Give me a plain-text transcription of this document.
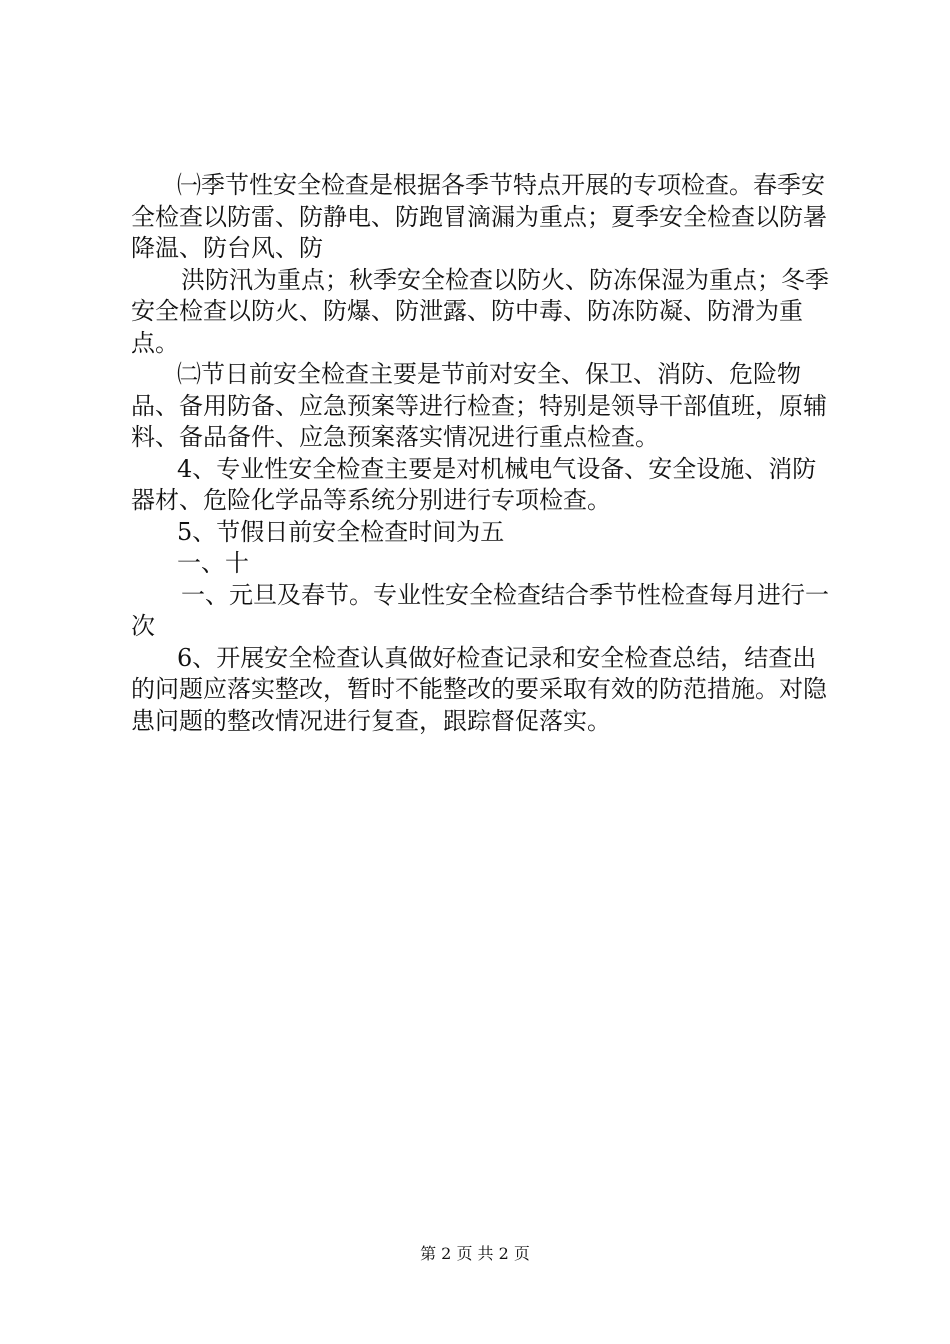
㈠季节性安全检查是根据各季节特点开展的专项检查。春季安全检查以防雷、防静电、防跑冒滴漏为重点；夏季安全检查以防暑降温、防台风、防

洪防汛为重点；秋季安全检查以防火、防冻保湿为重点；冬季安全检查以防火、防爆、防泄露、防中毒、防冻防凝、防滑为重点。

㈡节日前安全检查主要是节前对安全、保卫、消防、危险物品、备用防备、应急预案等进行检查；特别是领导干部值班，原辅料、备品备件、应急预案落实情况进行重点检查。

4、专业性安全检查主要是对机械电气设备、安全设施、消防器材、危险化学品等系统分别进行专项检查。

5、节假日前安全检查时间为五

一、十

一、元旦及春节。专业性安全检查结合季节性检查每月进行一次

6、开展安全检查认真做好检查记录和安全检查总结，结查出的问题应落实整改，暂时不能整改的要采取有效的防范措施。对隐患问题的整改情况进行复查，跟踪督促落实。

第 2 页 共 2 页
